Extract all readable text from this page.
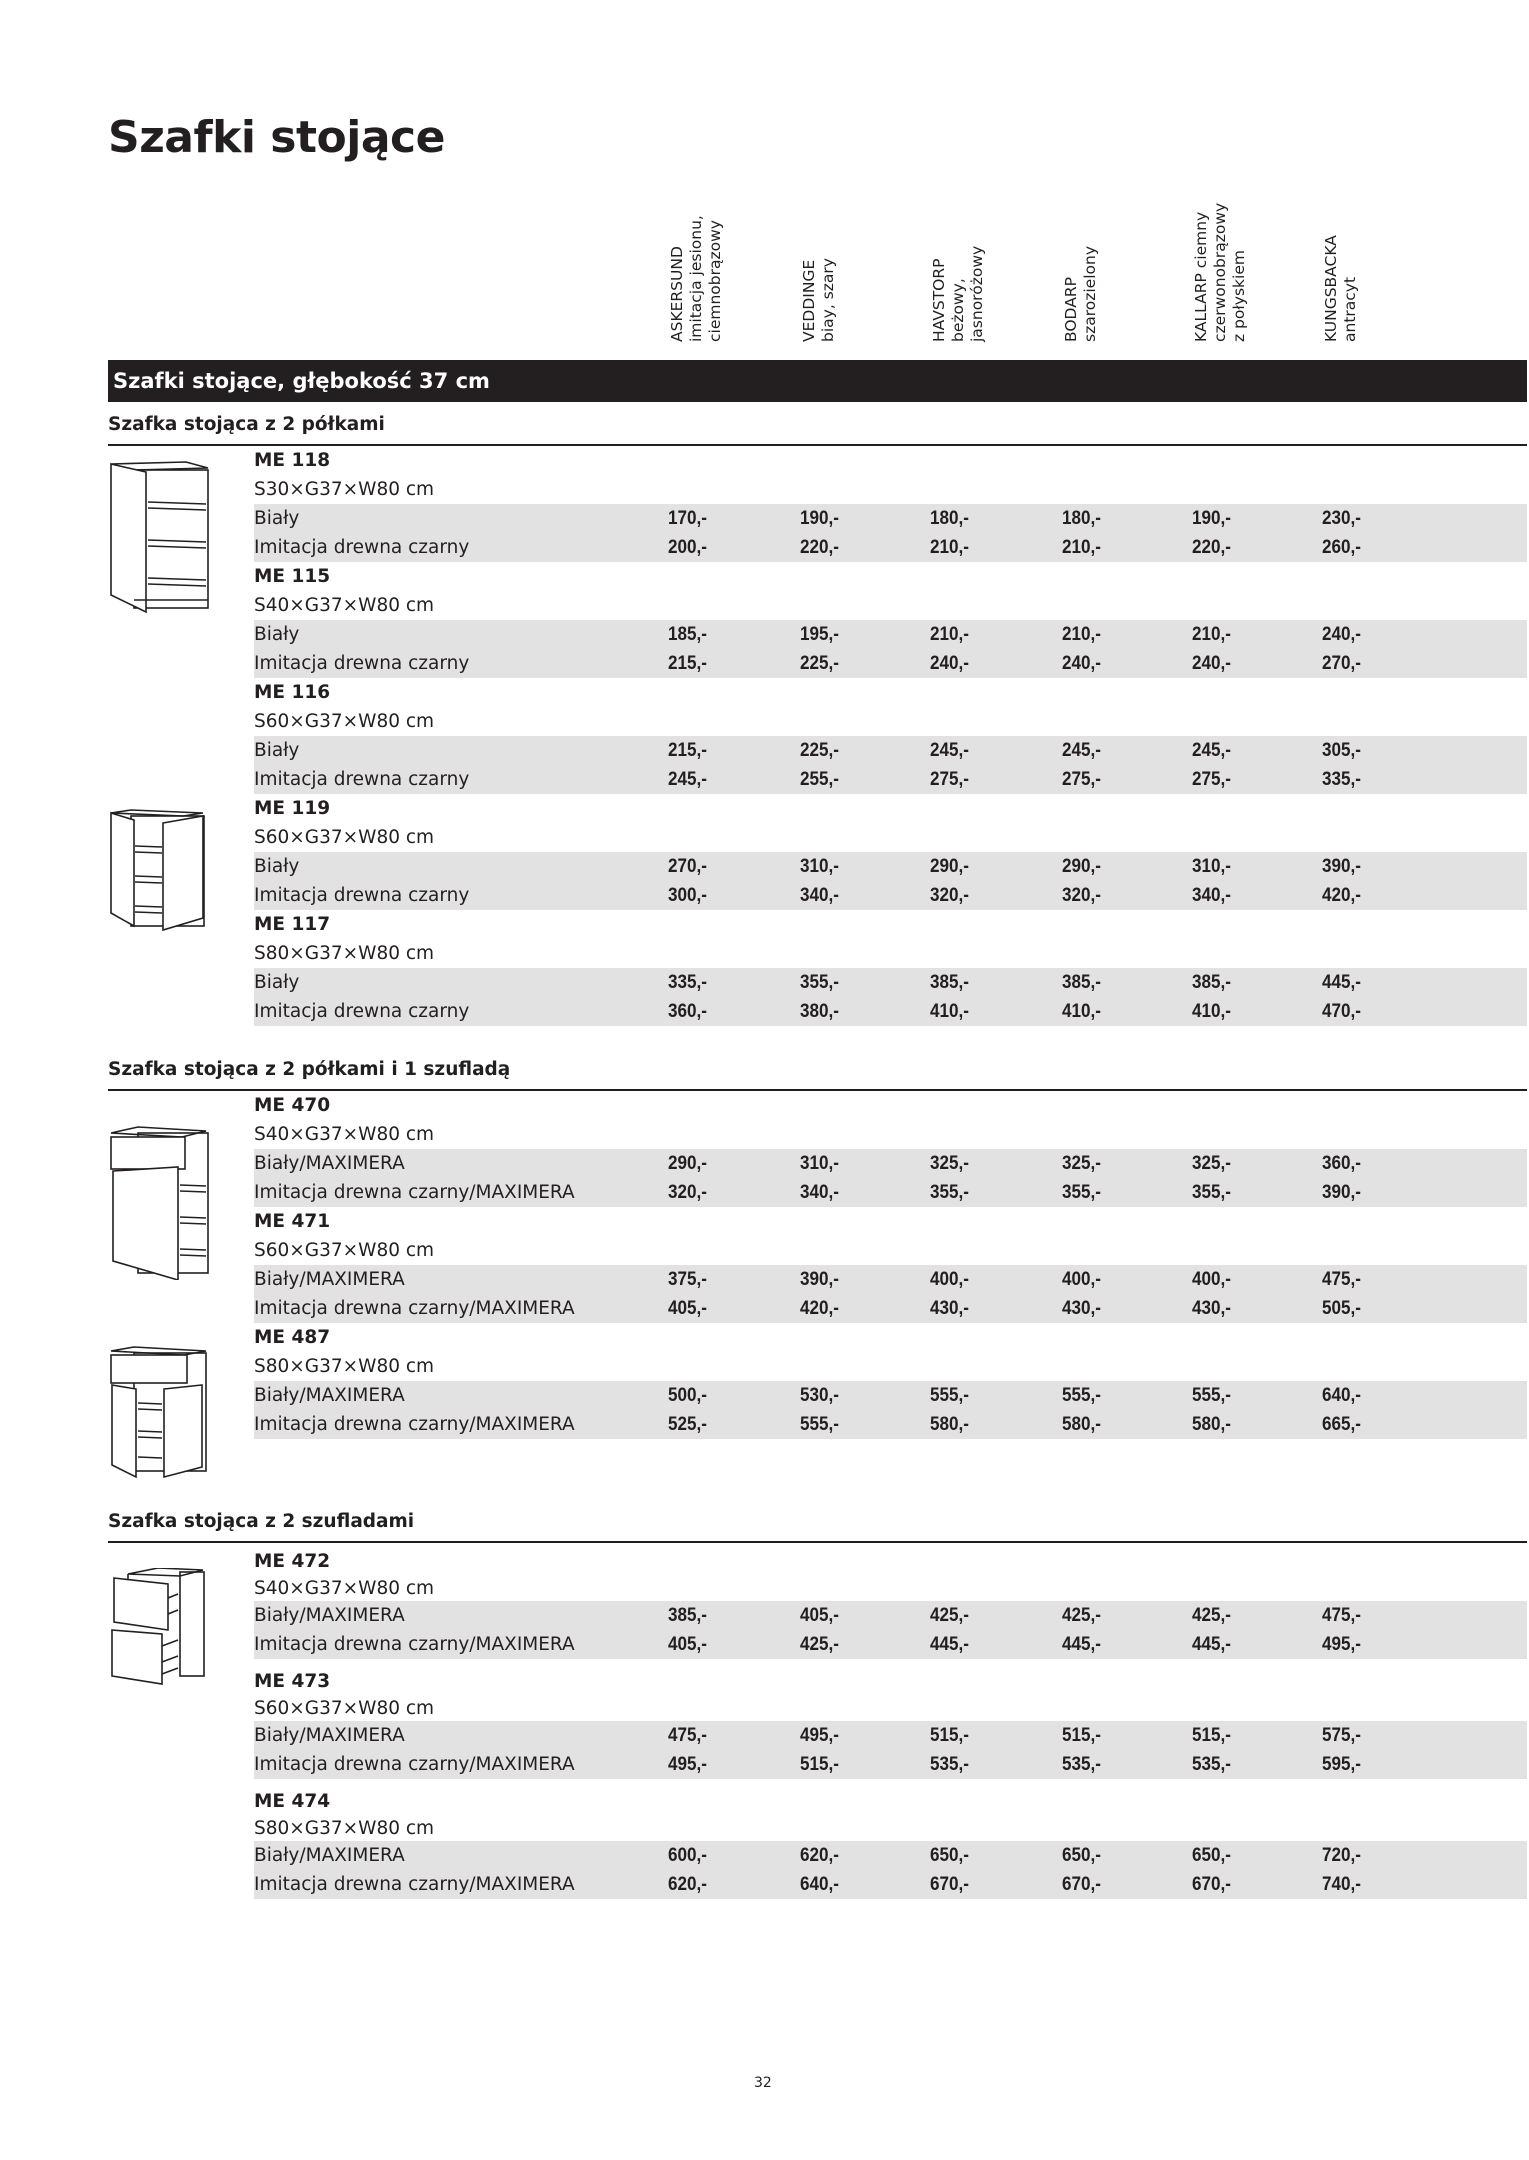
Szafki stojące
ASKERSUND imitacja jesionu, ciemnobrązowy	VEDDINGE biay, szary	HAVSTORP beżowy, jasnoróżowy	BODARP szarozielony	KALLARP ciemny czerwonobrązowy z połyskiem	KUNGSBACKA antracyt
Szafki stojące, głębokość 37 cm
Szafka stojąca z 2 półkami
ME 118
S30×G37×W80 cm
Biały	170,-	190,-	180,-	180,-	190,-	230,-
Imitacja drewna czarny	200,-	220,-	210,-	210,-	220,-	260,-
ME 115
S40×G37×W80 cm
Biały	185,-	195,-	210,-	210,-	210,-	240,-
Imitacja drewna czarny	215,-	225,-	240,-	240,-	240,-	270,-
ME 116
S60×G37×W80 cm
Biały	215,-	225,-	245,-	245,-	245,-	305,-
Imitacja drewna czarny	245,-	255,-	275,-	275,-	275,-	335,-
ME 119
S60×G37×W80 cm
Biały	270,-	310,-	290,-	290,-	310,-	390,-
Imitacja drewna czarny	300,-	340,-	320,-	320,-	340,-	420,-
ME 117
S80×G37×W80 cm
Biały	335,-	355,-	385,-	385,-	385,-	445,-
Imitacja drewna czarny	360,-	380,-	410,-	410,-	410,-	470,-
Szafka stojąca z 2 półkami i 1 szufladą
ME 470
S40×G37×W80 cm
Biały/MAXIMERA	290,-	310,-	325,-	325,-	325,-	360,-
Imitacja drewna czarny/MAXIMERA	320,-	340,-	355,-	355,-	355,-	390,-
ME 471
S60×G37×W80 cm
Biały/MAXIMERA	375,-	390,-	400,-	400,-	400,-	475,-
Imitacja drewna czarny/MAXIMERA	405,-	420,-	430,-	430,-	430,-	505,-
ME 487
S80×G37×W80 cm
Biały/MAXIMERA	500,-	530,-	555,-	555,-	555,-	640,-
Imitacja drewna czarny/MAXIMERA	525,-	555,-	580,-	580,-	580,-	665,-
Szafka stojąca z 2 szufladami
ME 472
S40×G37×W80 cm
Biały/MAXIMERA	385,-	405,-	425,-	425,-	425,-	475,-
Imitacja drewna czarny/MAXIMERA	405,-	425,-	445,-	445,-	445,-	495,-
ME 473
S60×G37×W80 cm
Biały/MAXIMERA	475,-	495,-	515,-	515,-	515,-	575,-
Imitacja drewna czarny/MAXIMERA	495,-	515,-	535,-	535,-	535,-	595,-
ME 474
S80×G37×W80 cm
Biały/MAXIMERA	600,-	620,-	650,-	650,-	650,-	720,-
Imitacja drewna czarny/MAXIMERA	620,-	640,-	670,-	670,-	670,-	740,-
32
